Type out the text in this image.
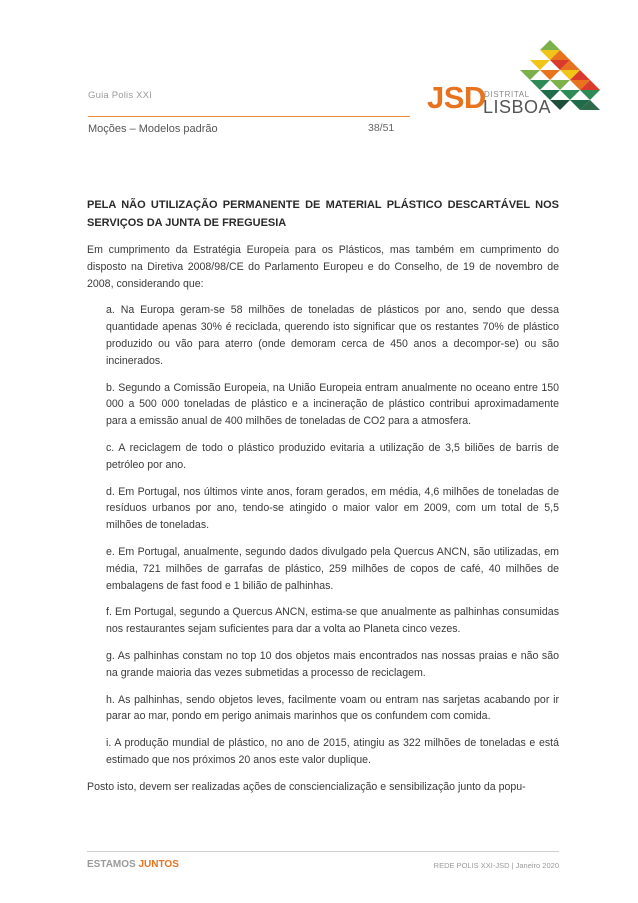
Guia Polis XXI
Moções – Modelos padrão	38/51
JSD
DISTRITAL
LISBOA
PELA NÃO UTILIZAÇÃO PERMANENTE DE MATERIAL PLÁSTICO DESCARTÁVEL NOS SERVIÇOS DA JUNTA DE FREGUESIA
Em cumprimento da Estratégia Europeia para os Plásticos, mas também em cumprimento do disposto na Diretiva 2008/98/CE do Parlamento Europeu e do Conselho, de 19 de novembro de 2008, considerando que:
a. Na Europa geram-se 58 milhões de toneladas de plásticos por ano, sendo que dessa quantidade apenas 30% é reciclada, querendo isto significar que os restantes 70% de plástico produzido ou vão para aterro (onde demoram cerca de 450 anos a decompor-se) ou são incinerados.
b. Segundo a Comissão Europeia, na União Europeia entram anualmente no oceano entre 150 000 a 500 000 toneladas de plástico e a incineração de plástico contribui aproximadamente para a emissão anual de 400 milhões de toneladas de CO2 para a atmosfera.
c. A reciclagem de todo o plástico produzido evitaria a utilização de 3,5 biliões de barris de petróleo por ano.
d. Em Portugal, nos últimos vinte anos, foram gerados, em média, 4,6 milhões de toneladas de resíduos urbanos por ano, tendo-se atingido o maior valor em 2009, com um total de 5,5 milhões de toneladas.
e. Em Portugal, anualmente, segundo dados divulgado pela Quercus ANCN, são utilizadas, em média, 721 milhões de garrafas de plástico, 259 milhões de copos de café, 40 milhões de embalagens de fast food e 1 bilião de palhinhas.
f. Em Portugal, segundo a Quercus ANCN, estima-se que anualmente as palhinhas consumidas nos restaurantes sejam suficientes para dar a volta ao Planeta cinco vezes.
g. As palhinhas constam no top 10 dos objetos mais encontrados nas nossas praias e não são na grande maioria das vezes submetidas a processo de reciclagem.
h. As palhinhas, sendo objetos leves, facilmente voam ou entram nas sarjetas acabando por ir parar ao mar, pondo em perigo animais marinhos que os confundem com comida.
i. A produção mundial de plástico, no ano de 2015, atingiu as 322 milhões de toneladas e está estimado que nos próximos 20 anos este valor duplique.
Posto isto, devem ser realizadas ações de consciencialização e sensibilização junto da popu-
ESTAMOS JUNTOS	REDE POLIS XXI-JSD | Janeiro 2020
